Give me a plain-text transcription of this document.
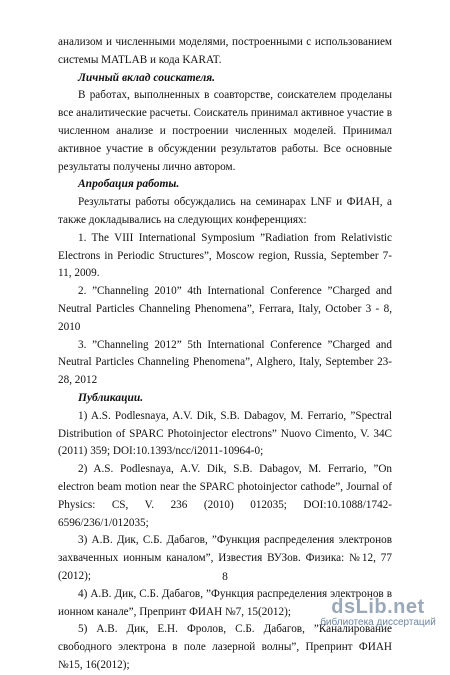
анализом и численными моделями, построенными с использованием системы MATLAB и кода KARAT.

Личный вклад соискателя.

В работах, выполненных в соавторстве, соискателем проделаны все аналитические расчеты. Соискатель принимал активное участие в численном анализе и построении численных моделей. Принимал активное участие в обсуждении результатов работы. Все основные результаты получены лично автором.

Апробация работы.

Результаты работы обсуждались на семинарах LNF и ФИАН, а также докладывались на следующих конференциях:

1. The VIII International Symposium ”Radiation from Relativistic Electrons in Periodic Structures”, Moscow region, Russia, September 7-11, 2009.

2. ”Channeling 2010” 4th International Conference ”Charged and Neutral Particles Channeling Phenomena”, Ferrara, Italy, October 3 - 8, 2010

3. ”Channeling 2012” 5th International Conference ”Charged and Neutral Particles Channeling Phenomena”, Alghero, Italy, September 23-28, 2012

Публикации.

1) A.S. Podlesnaya, A.V. Dik, S.B. Dabagov, M. Ferrario, ”Spectral Distribution of SPARC Photoinjector electrons” Nuovo Cimento, V. 34C (2011) 359; DOI:10.1393/ncc/i2011-10964-0;

2) A.S. Podlesnaya, A.V. Dik, S.B. Dabagov, M. Ferrario, ”On electron beam motion near the SPARC photoinjector cathode”, Journal of Physics: CS, V. 236 (2010) 012035; DOI:10.1088/1742-6596/236/1/012035;

3) А.В. Дик, С.Б. Дабагов, ”Функция распределения электронов захваченных ионным каналом”, Известия ВУЗов. Физика: №12, 77 (2012);

4) А.В. Дик, С.Б. Дабагов, ”Функция распределения электронов в ионном канале”, Препринт ФИАН №7, 15(2012);

5) А.В. Дик, Е.Н. Фролов, С.Б. Дабагов, ”Каналирование свободного электрона в поле лазерной волны”, Препринт ФИАН №15, 16(2012);

8
dsLib.net
библиотека диссертаций
